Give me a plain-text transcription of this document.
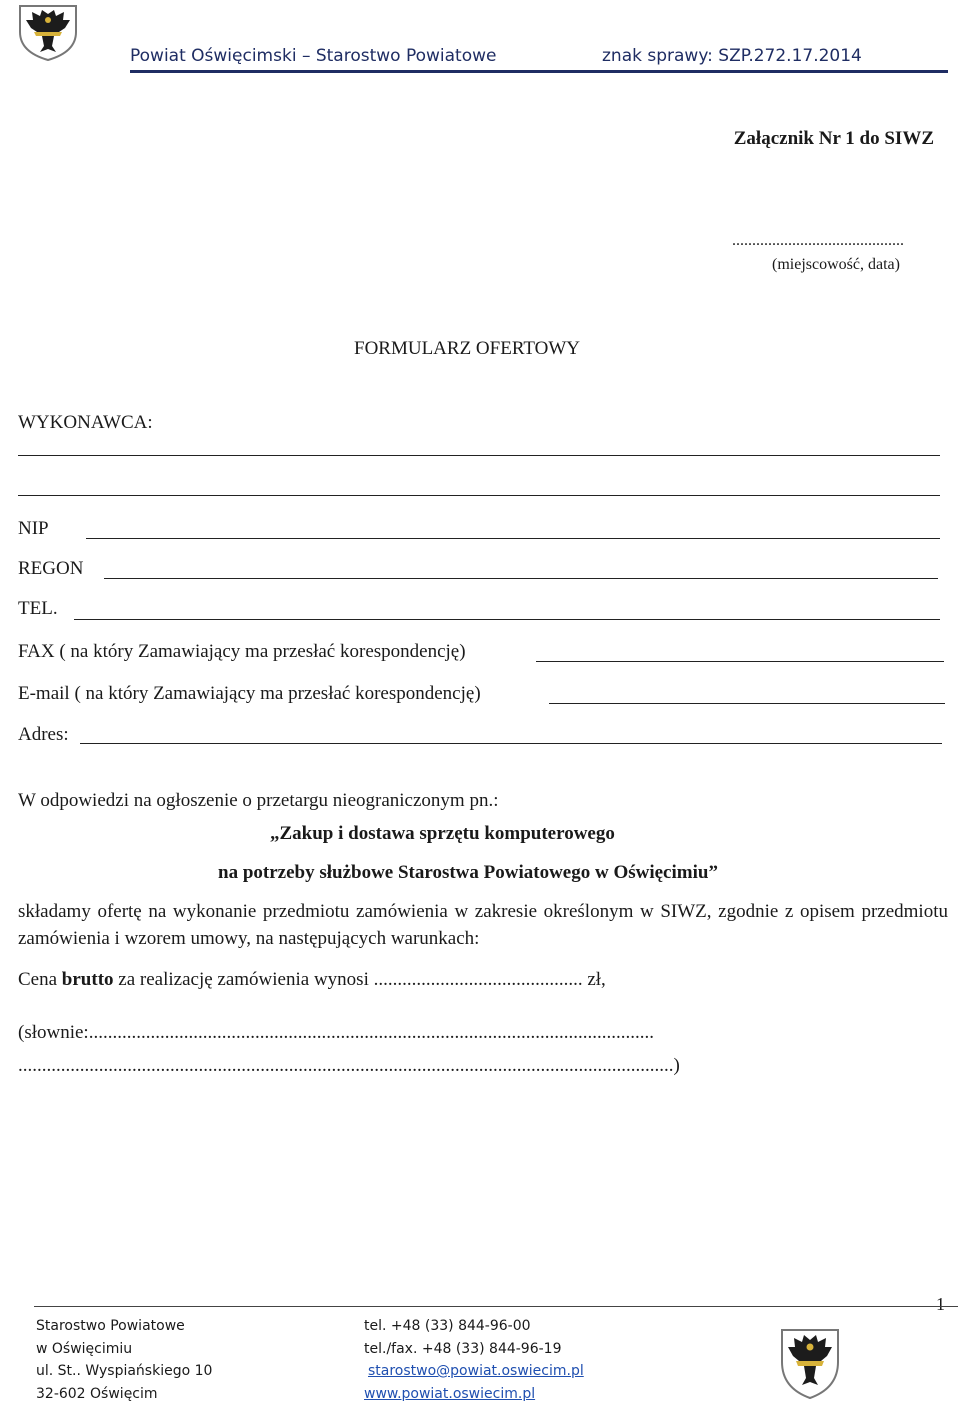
Powiat Oświęcimski – Starostwo Powiatowe	znak sprawy: SZP.272.17.2014
Załącznik Nr 1 do SIWZ
...........................................
(miejscowość, data)
FORMULARZ OFERTOWY
WYKONAWCA:
NIP
REGON
TEL.
FAX ( na który Zamawiający ma przesłać korespondencję)
E-mail ( na który Zamawiający ma przesłać korespondencję)
Adres:
W odpowiedzi na ogłoszenie o przetargu nieograniczonym pn.:
„Zakup i dostawa sprzętu komputerowego
na potrzeby służbowe Starostwa Powiatowego w Oświęcimiu”
składamy ofertę na wykonanie przedmiotu zamówienia w zakresie określonym w SIWZ, zgodnie z opisem przedmiotu zamówienia i wzorem umowy, na następujących warunkach:
Cena brutto za realizację zamówienia wynosi ............................................ zł,
(słownie:.......................................................................................................................
..........................................................................................................................................)
1
Starostwo Powiatowe
w Oświęcimiu
ul. St.. Wyspiańskiego 10
32-602 Oświęcim
tel. +48 (33) 844-96-00
tel./fax. +48 (33) 844-96-19
starostwo@powiat.oswiecim.pl
www.powiat.oswiecim.pl
